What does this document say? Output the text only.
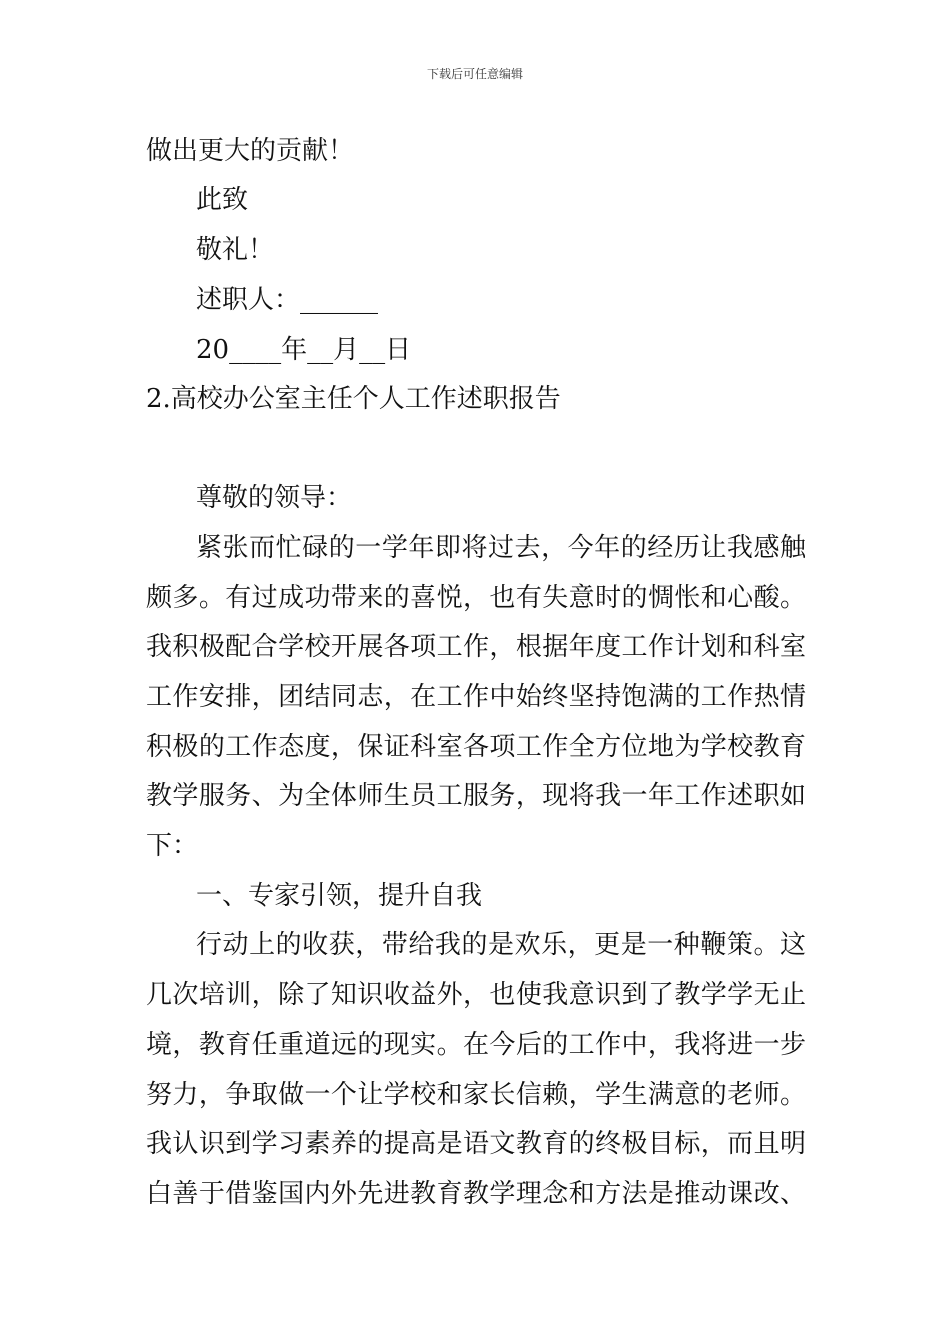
下载后可任意编辑
做出更大的贡献！
此致
敬礼！
述职人：______
20____年__月__日
2.高校办公室主任个人工作述职报告
尊敬的领导：
紧张而忙碌的一学年即将过去，今年的经历让我感触
颇多。有过成功带来的喜悦，也有失意时的惆怅和心酸。
我积极配合学校开展各项工作，根据年度工作计划和科室
工作安排，团结同志，在工作中始终坚持饱满的工作热情
积极的工作态度，保证科室各项工作全方位地为学校教育
教学服务、为全体师生员工服务，现将我一年工作述职如
下：
一、专家引领，提升自我
行动上的收获，带给我的是欢乐，更是一种鞭策。这
几次培训，除了知识收益外，也使我意识到了教学学无止
境，教育任重道远的现实。在今后的工作中，我将进一步
努力，争取做一个让学校和家长信赖，学生满意的老师。
我认识到学习素养的提高是语文教育的终极目标，而且明
白善于借鉴国内外先进教育教学理念和方法是推动课改、
